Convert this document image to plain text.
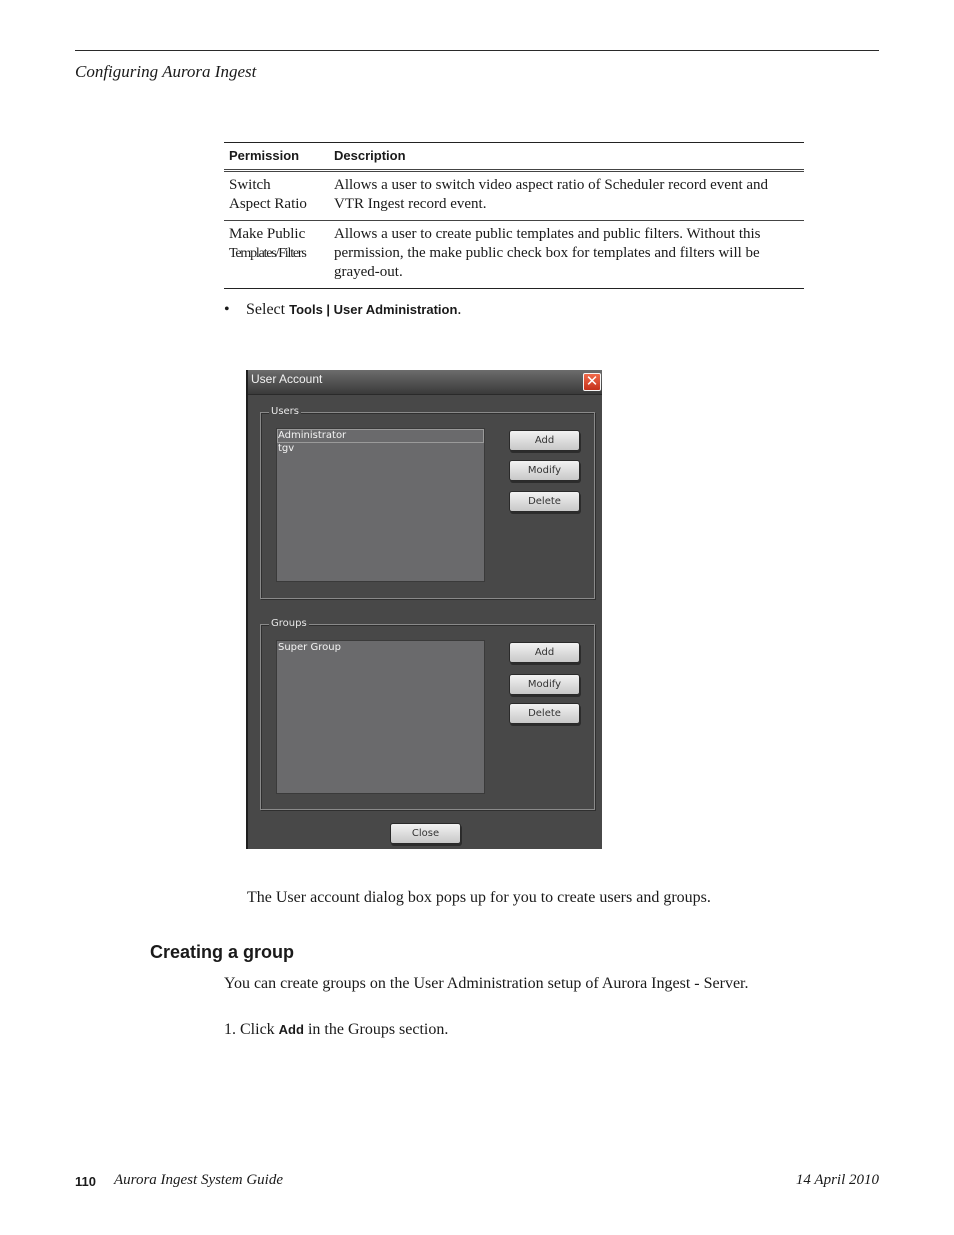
Configuring Aurora Ingest
Permission	Description

Switch
Aspect Ratio	Allows a user to switch video aspect ratio of Scheduler record event and VTR Ingest record event.

Make Public
Templates/Filters	Allows a user to create public templates and public filters. Without this permission, the make public check box for templates and filters will be grayed-out.
• Select Tools | User Administration.
User Account	✕
Users
Administrator
tgv
Add
Modify
Delete
Groups
Super Group	Add
Modify
Delete
Close
The User account dialog box pops up for you to create users and groups.
Creating a group
You can create groups on the User Administration setup of Aurora Ingest - Server.
1. Click Add in the Groups section.
110 Aurora Ingest System Guide	14 April 2010
